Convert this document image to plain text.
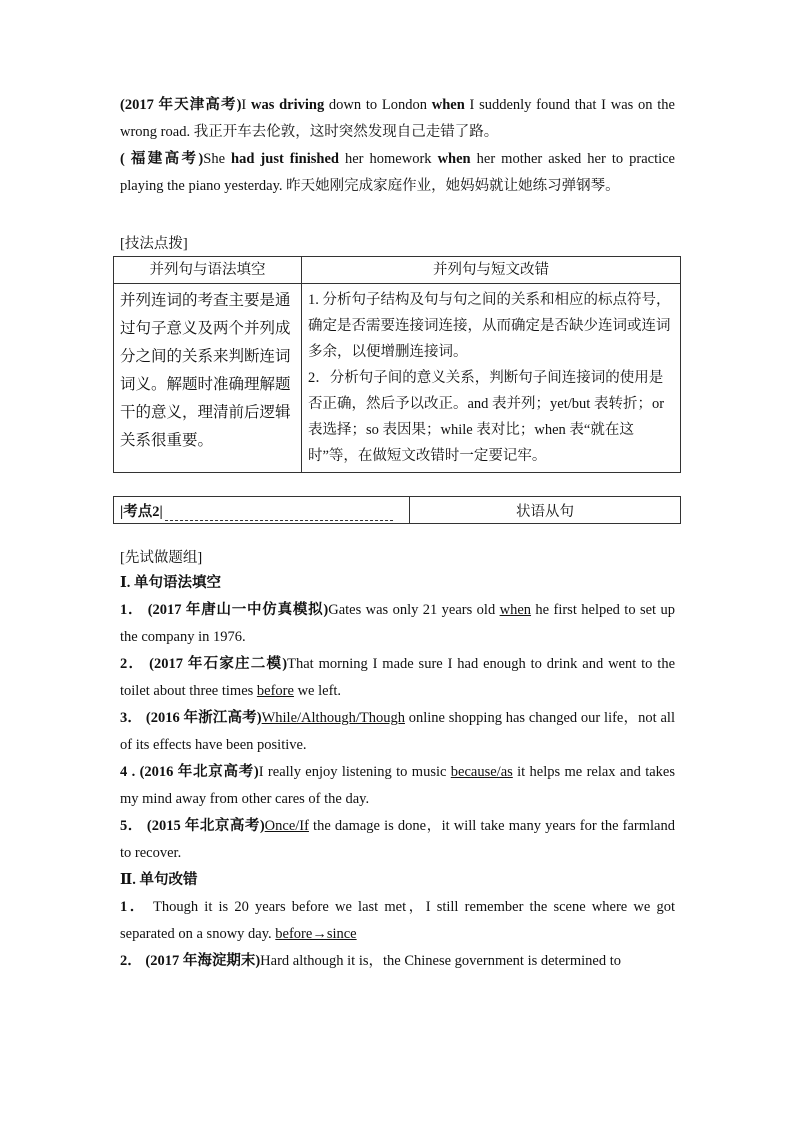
(2017 年天津高考)I was driving down to London when I suddenly found that I was on the wrong road. 我正开车去伦敦，这时突然发现自己走错了路。

( 福建高考)She had just finished her homework when her mother asked her to practice playing the piano yesterday. 昨天她刚完成家庭作业，她妈妈就让她练习弹钢琴。

[技法点拨]

并列句与语法填空	并列句与短文改错
并列连词的考查主要是通过句子意义及两个并列成分之间的关系来判断连词词义。解题时准确理解题干的意义，理清前后逻辑关系很重要。	1. 分析句子结构及句与句之间的关系和相应的标点符号，确定是否需要连接词连接，从而确定是否缺少连词或连词多余，以便增删连接词。
2．分析句子间的意义关系，判断句子间连接词的使用是否正确，然后予以改正。and 表并列；yet/but 表转折；or 表选择；so 表因果；while 表对比；when 表“就在这时”等，在做短文改错时一定要记牢。
|考点2|	状语从句

[先试做题组]

Ⅰ. 单句语法填空

1． (2017 年唐山一中仿真模拟)Gates was only 21 years old when he first helped to set up the company in 1976.

2． (2017 年石家庄二模)That morning I made sure I had enough to drink and went to the toilet about three times before we left.

3． (2016 年浙江高考)While/Although/Though online shopping has changed our life，not all of its effects have been positive.

4 . (2016 年北京高考)I really enjoy listening to music because/as it helps me relax and takes my mind away from other cares of the day.

5． (2015 年北京高考)Once/If the damage is done，it will take many years for the farmland to recover.

Ⅱ. 单句改错

1． Though it is 20 years before we last met，I still remember the scene where we got separated on a snowy day. before→since

2． (2017 年海淀期末)Hard although it is，the Chinese government is determined to
